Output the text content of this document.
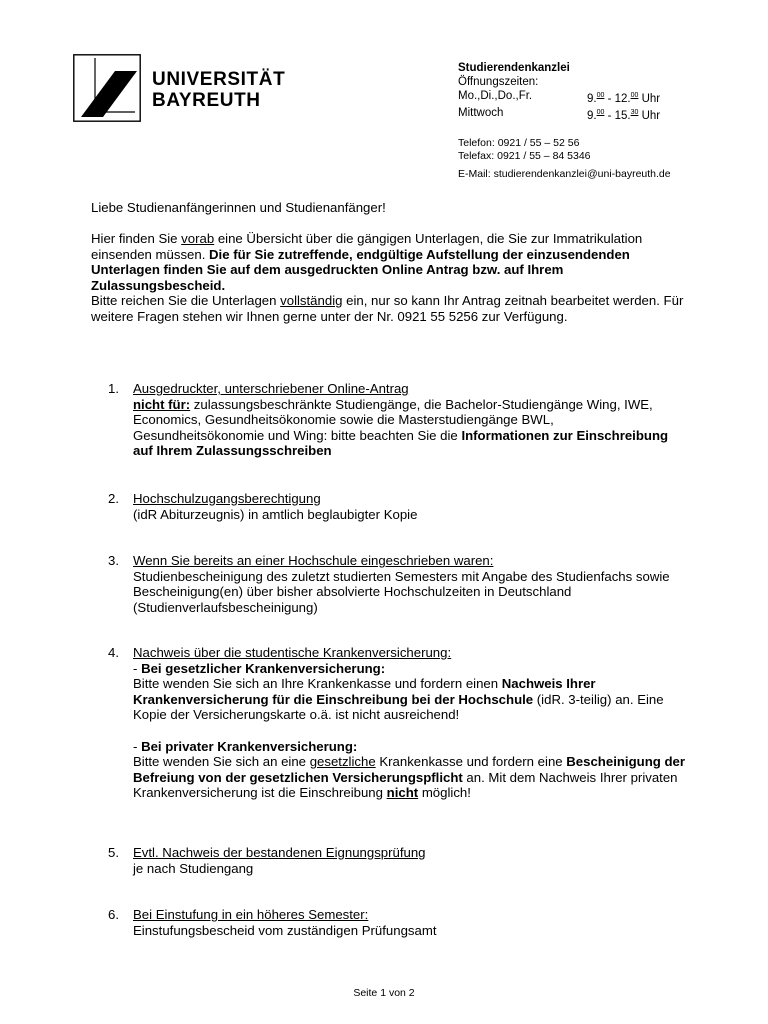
UNIVERSITÄT
BAYREUTH
Studierendenkanzlei
Öffnungszeiten:
Mo.,Di.,Do.,Fr.	9.00 - 12.00 Uhr
Mittwoch	9.00 - 15.30 Uhr
Telefon: 0921 / 55 – 52 56
Telefax: 0921 / 55 – 84 5346
E-Mail: studierendenkanzlei@uni-bayreuth.de
Liebe Studienanfängerinnen und Studienanfänger!

Hier finden Sie vorab eine Übersicht über die gängigen Unterlagen, die Sie zur Immatrikulation einsenden müssen. Die für Sie zutreffende, endgültige Aufstellung der einzusendenden Unterlagen finden Sie auf dem ausgedruckten Online Antrag bzw. auf Ihrem Zulassungsbescheid.

Bitte reichen Sie die Unterlagen vollständig ein, nur so kann Ihr Antrag zeitnah bearbeitet werden. Für weitere Fragen stehen wir Ihnen gerne unter der Nr. 0921 55 5256 zur Verfügung.

1.	Ausgedruckter, unterschriebener Online-Antrag
nicht für: zulassungsbeschränkte Studiengänge, die Bachelor-Studiengänge Wing, IWE, Economics, Gesundheitsökonomie sowie die Masterstudiengänge BWL, Gesundheitsökonomie und Wing: bitte beachten Sie die Informationen zur Einschreibung auf Ihrem Zulassungsschreiben
2.	Hochschulzugangsberechtigung
(idR Abiturzeugnis) in amtlich beglaubigter Kopie
3.	Wenn Sie bereits an einer Hochschule eingeschrieben waren:
Studienbescheinigung des zuletzt studierten Semesters mit Angabe des Studienfachs sowie Bescheinigung(en) über bisher absolvierte Hochschulzeiten in Deutschland (Studienverlaufsbescheinigung)
4.	Nachweis über die studentische Krankenversicherung:
- Bei gesetzlicher Krankenversicherung:
Bitte wenden Sie sich an Ihre Krankenkasse und fordern einen Nachweis Ihrer Krankenversicherung für die Einschreibung bei der Hochschule (idR. 3-teilig) an. Eine Kopie der Versicherungskarte o.ä. ist nicht ausreichend!
- Bei privater Krankenversicherung:
Bitte wenden Sie sich an eine gesetzliche Krankenkasse und fordern eine Bescheinigung der Befreiung von der gesetzlichen Versicherungspflicht an. Mit dem Nachweis Ihrer privaten Krankenversicherung ist die Einschreibung nicht möglich!
5.	Evtl. Nachweis der bestandenen Eignungsprüfung
je nach Studiengang
6.	Bei Einstufung in ein höheres Semester:
Einstufungsbescheid vom zuständigen Prüfungsamt
Seite 1 von 2
